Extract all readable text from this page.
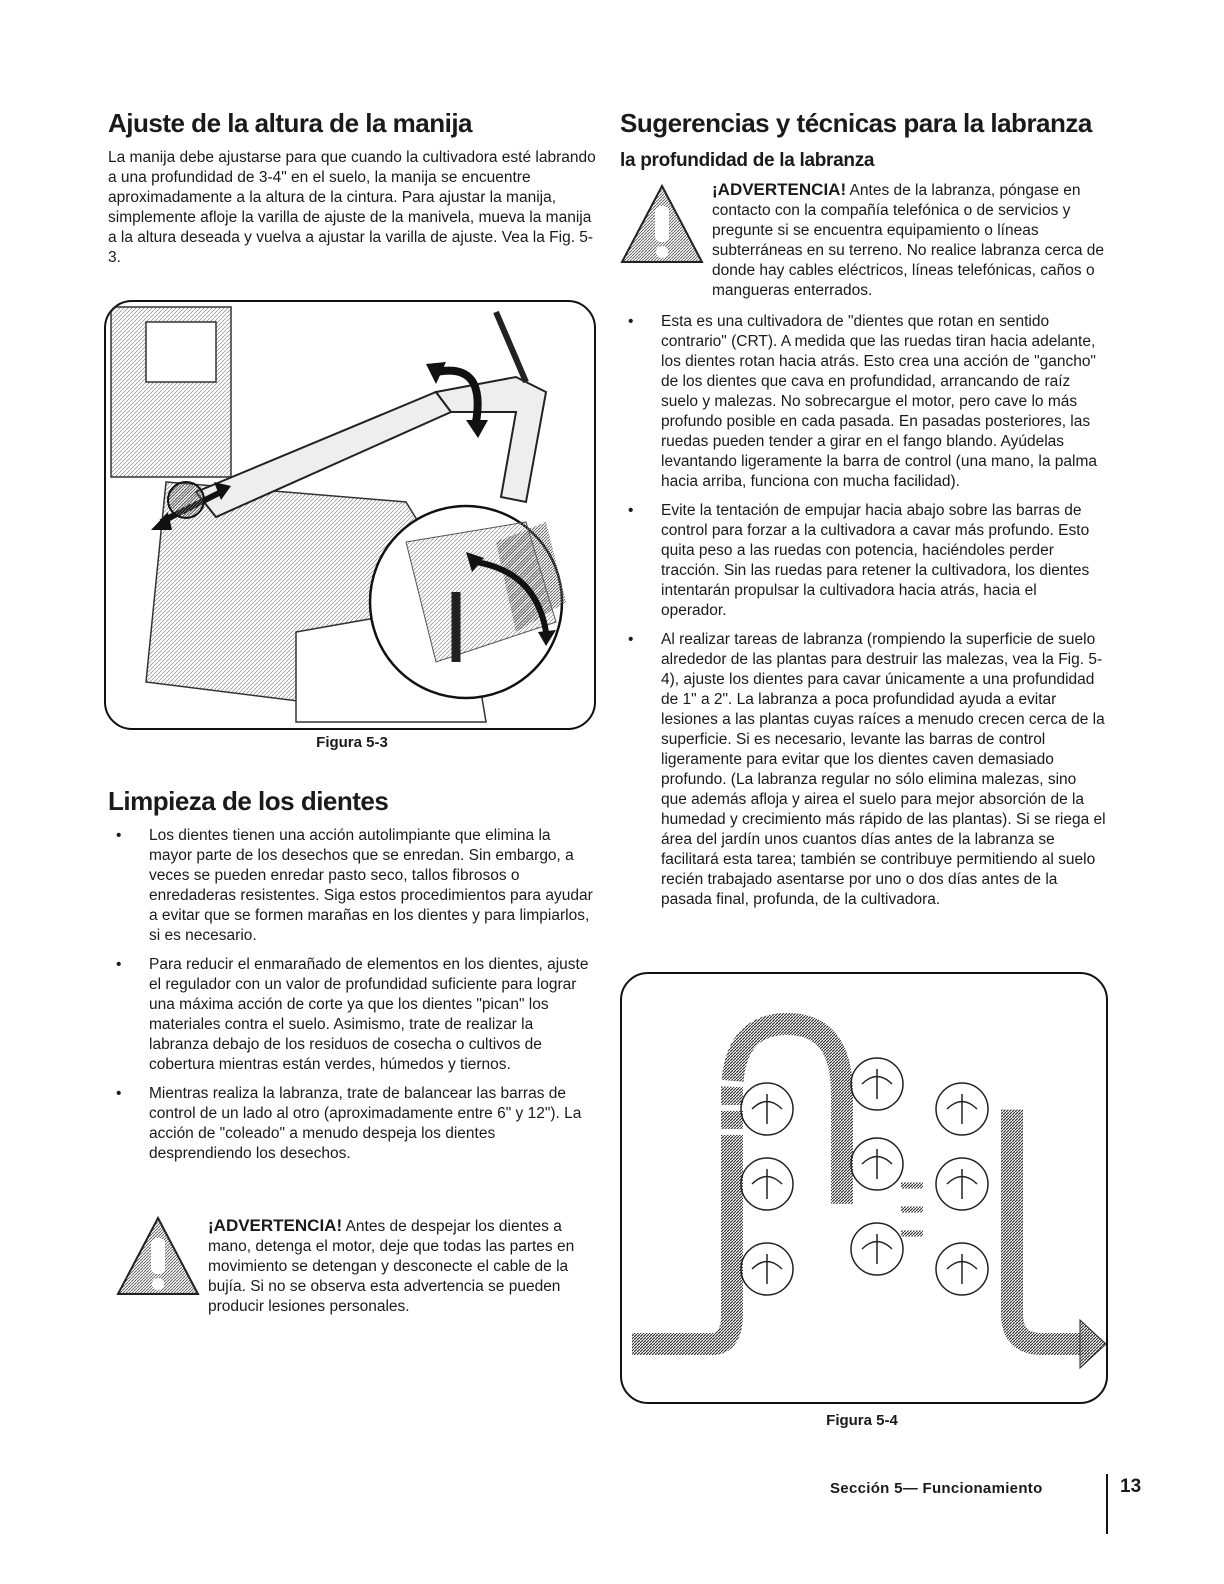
Ajuste de la altura de la manija

La manija debe ajustarse para que cuando la cultivadora esté labrando a una profundidad de 3-4" en el suelo, la manija se encuentre aproximadamente a la altura de la cintura. Para ajustar la manija, simplemente afloje la varilla de ajuste de la manivela, mueva la manija a la altura deseada y vuelva a ajustar la varilla de ajuste. Vea la Fig. 5-3.

Figura 5-3
Limpieza de los dientes
• Los dientes tienen una acción autolimpiante que elimina la mayor parte de los desechos que se enredan. Sin embargo, a veces se pueden enredar pasto seco, tallos fibrosos o enredaderas resistentes. Siga estos procedimientos para ayudar a evitar que se formen marañas en los dientes y para limpiarlos, si es necesario.
• Para reducir el enmarañado de elementos en los dientes, ajuste el regulador con un valor de profundidad suficiente para lograr una máxima acción de corte ya que los dientes "pican" los materiales contra el suelo. Asimismo, trate de realizar la labranza debajo de los residuos de cosecha o cultivos de cobertura mientras están verdes, húmedos y tiernos.
• Mientras realiza la labranza, trate de balancear las barras de control de un lado al otro (aproximadamente entre 6" y 12"). La acción de "coleado" a menudo despeja los dientes desprendiendo los desechos.
¡ADVERTENCIA! Antes de despejar los dientes a mano, detenga el motor, deje que todas las partes en movimiento se detengan y desconecte el cable de la bujía. Si no se observa esta advertencia se pueden producir lesiones personales.
Sugerencias y técnicas para la labranza
la profundidad de la labranza
¡ADVERTENCIA! Antes de la labranza, póngase en contacto con la compañía telefónica o de servicios y pregunte si se encuentra equipamiento o líneas subterráneas en su terreno. No realice labranza cerca de donde hay cables eléctricos, líneas telefónicas, caños o mangueras enterrados.
• Esta es una cultivadora de "dientes que rotan en sentido contrario" (CRT). A medida que las ruedas tiran hacia adelante, los dientes rotan hacia atrás. Esto crea una acción de "gancho" de los dientes que cava en profundidad, arrancando de raíz suelo y malezas. No sobrecargue el motor, pero cave lo más profundo posible en cada pasada. En pasadas posteriores, las ruedas pueden tender a girar en el fango blando. Ayúdelas levantando ligeramente la barra de control (una mano, la palma hacia arriba, funciona con mucha facilidad).
• Evite la tentación de empujar hacia abajo sobre las barras de control para forzar a la cultivadora a cavar más profundo. Esto quita peso a las ruedas con potencia, haciéndoles perder tracción. Sin las ruedas para retener la cultivadora, los dientes intentarán propulsar la cultivadora hacia atrás, hacia el operador.
• Al realizar tareas de labranza (rompiendo la superficie de suelo alrededor de las plantas para destruir las malezas, vea la Fig. 5-4), ajuste los dientes para cavar únicamente a una profundidad de 1" a 2". La labranza a poca profundidad ayuda a evitar lesiones a las plantas cuyas raíces a menudo crecen cerca de la superficie. Si es necesario, levante las barras de control ligeramente para evitar que los dientes caven demasiado profundo. (La labranza regular no sólo elimina malezas, sino que además afloja y airea el suelo para mejor absorción de la humedad y crecimiento más rápido de las plantas). Si se riega el área del jardín unos cuantos días antes de la labranza se facilitará esta tarea; también se contribuye permitiendo al suelo recién trabajado asentarse por uno o dos días antes de la pasada final, profunda, de la cultivadora.
Figura 5-4
Sección 5— Funcionamiento	13
